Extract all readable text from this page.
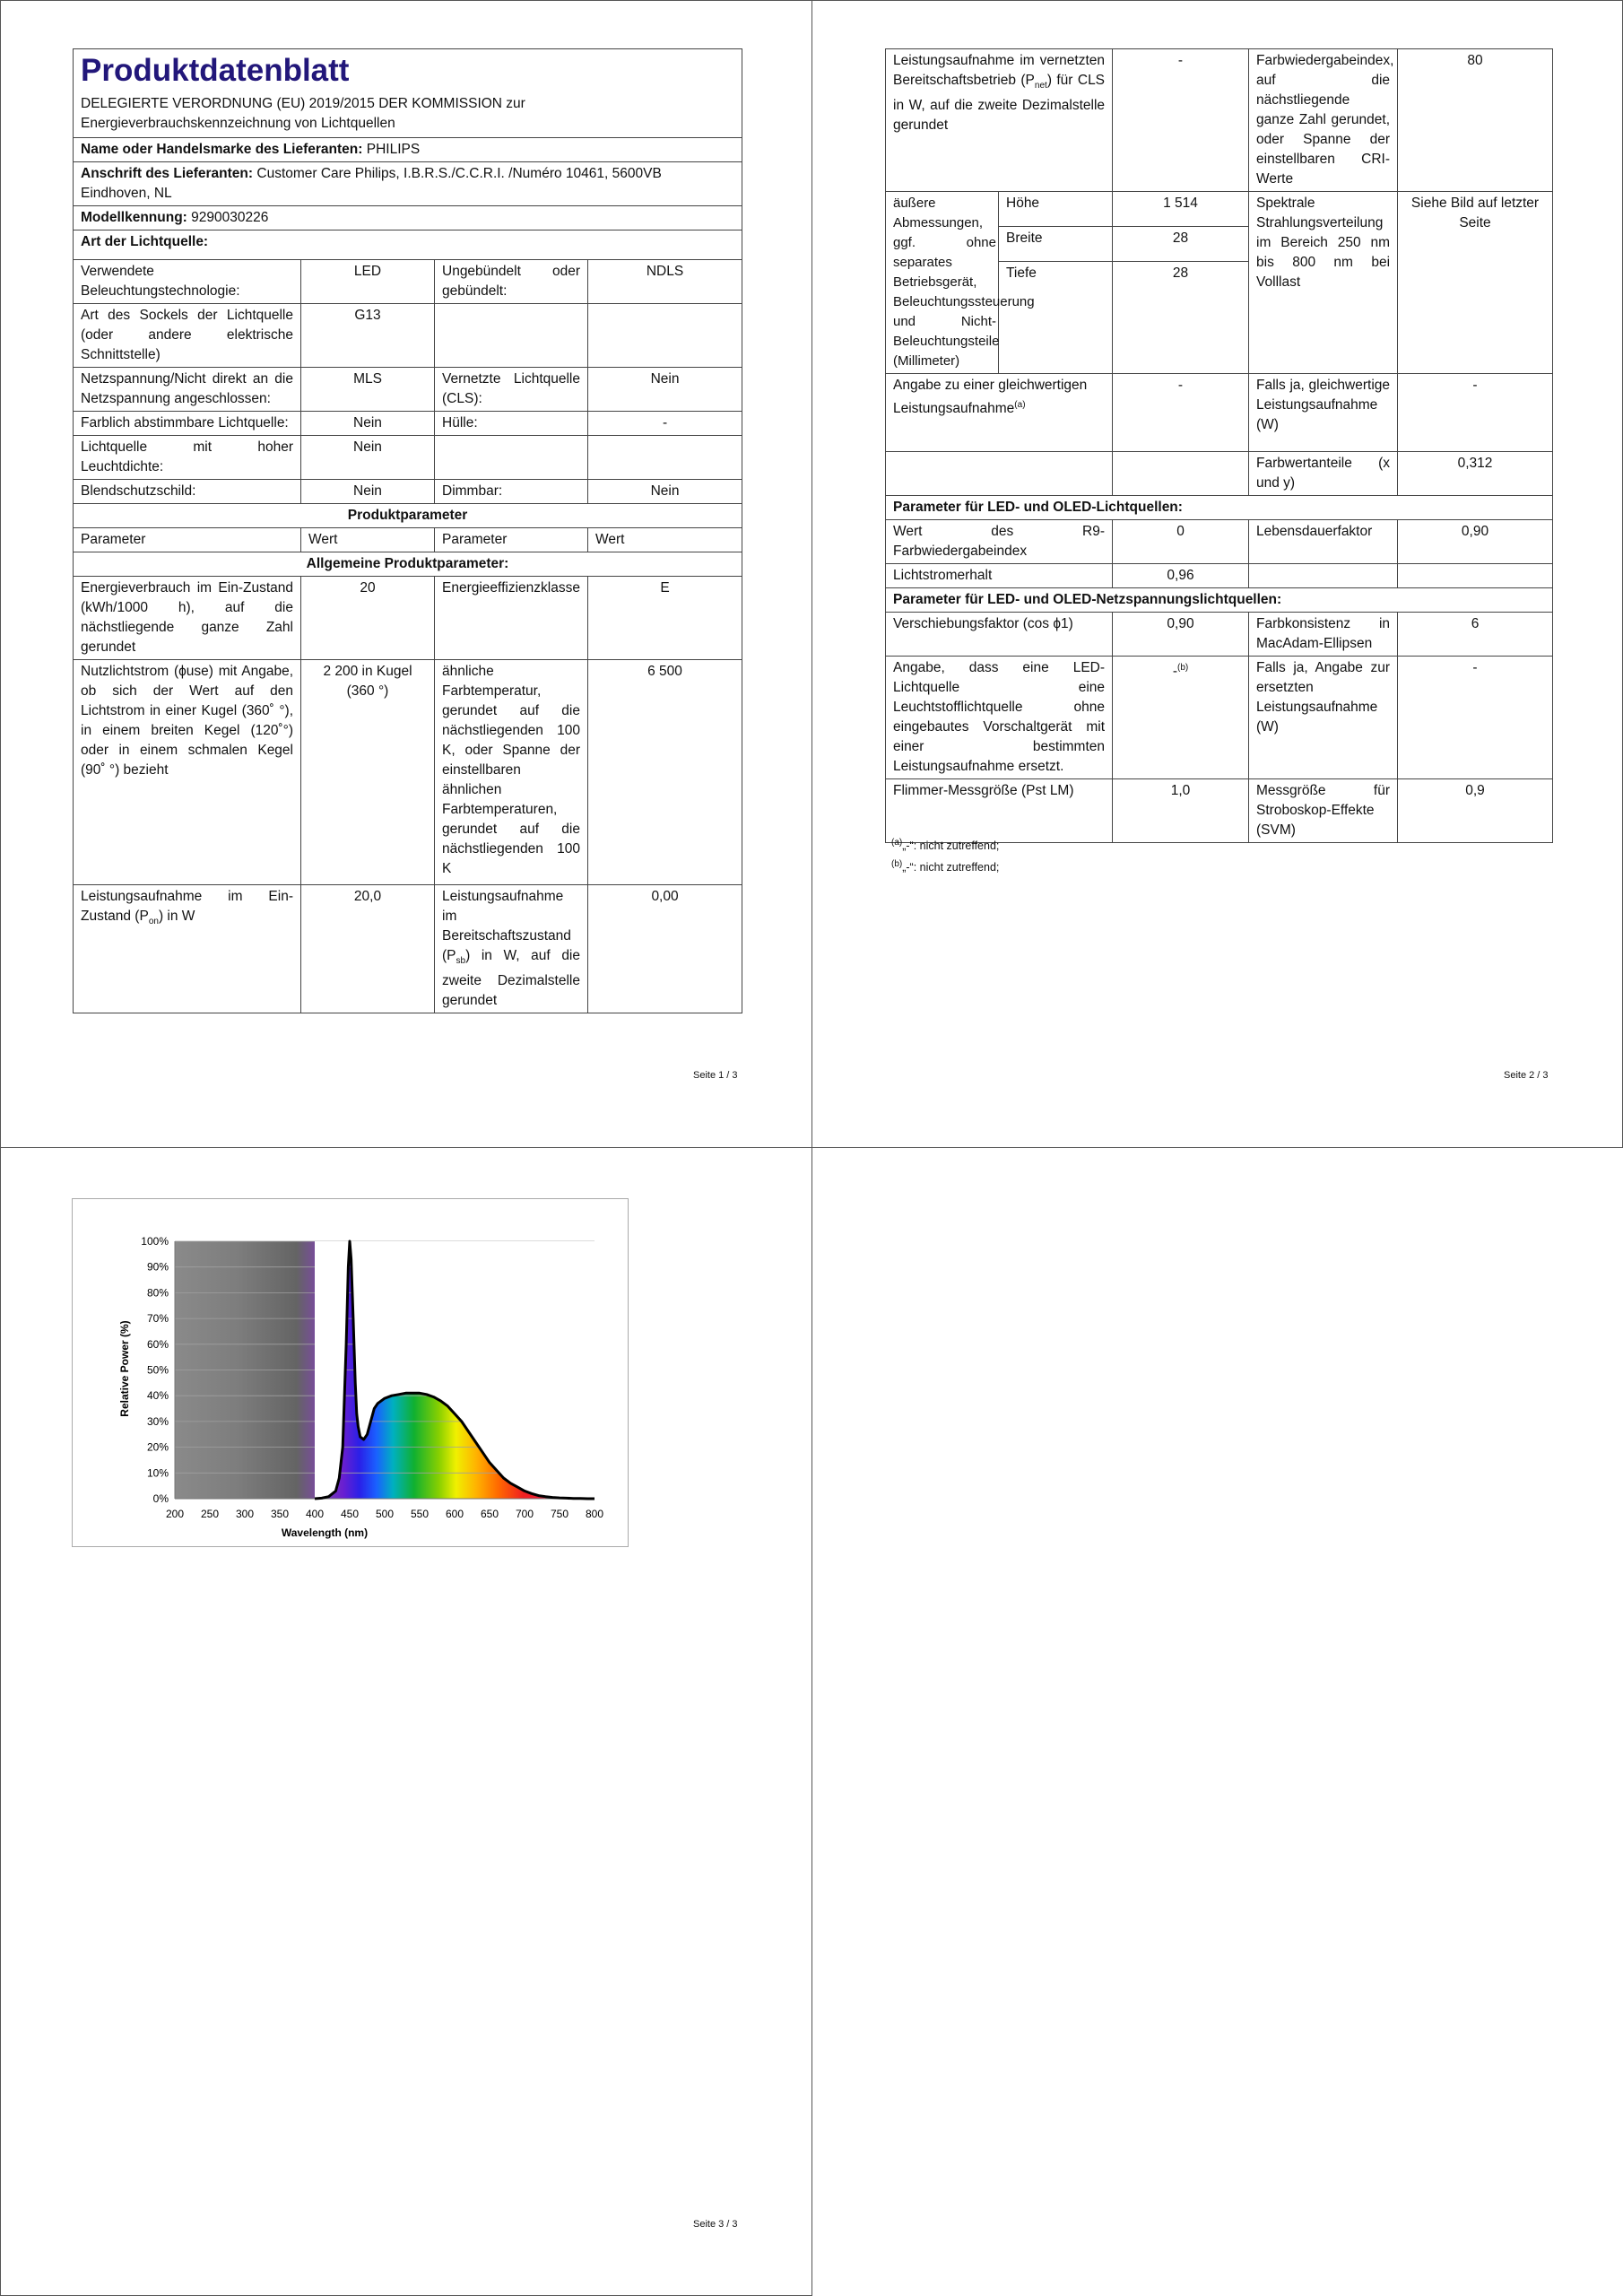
Produktdatenblatt
DELEGIERTE VERORDNUNG (EU) 2019/2015 DER KOMMISSION zur Energieverbrauchskennzeichnung von Lichtquellen			

Name oder Handelsmarke des Lieferanten: PHILIPS			
Anschrift des Lieferanten: Customer Care Philips, I.B.R.S./C.C.R.I. /Numéro 10461, 5600VB Eindhoven, NL			
Modellkennung: 9290030226			
Art der Lichtquelle:			
Verwendete Beleuchtungstechnologie:	LED	Ungebündelt oder gebündelt:	NDLS
Art des Sockels der Lichtquelle (oder andere elektrische Schnittstelle)	G13		
Netzspannung/Nicht direkt an die Netzspannung angeschlossen:	MLS	Vernetzte Lichtquelle (CLS):	Nein
Farblich abstimmbare Lichtquelle:	Nein	Hülle:	-
Lichtquelle mit hoher Leuchtdichte:	Nein		
Blendschutzschild:	Nein	Dimmbar:	Nein
Produktparameter			
Parameter	Wert	Parameter	Wert
Allgemeine Produktparameter:			
Energieverbrauch im Ein-Zustand (kWh/1000 h), auf die nächstliegende ganze Zahl gerundet	20	Energieeffizienzklasse	E
Nutzlichtstrom (ϕuse) mit Angabe, ob sich der Wert auf den Lichtstrom in einer Kugel (360˚ °), in einem breiten Kegel (120˚°) oder in einem schmalen Kegel (90˚ °) bezieht	2 200 in Kugel (360 °)	ähnliche Farbtemperatur, gerundet auf die nächstliegenden 100 K, oder Spanne der einstellbaren ähnlichen Farbtemperaturen, gerundet auf die nächstliegenden 100 K	6 500
Leistungsaufnahme im Ein-Zustand $(P_{on})$ in W	20,0	Leistungsaufnahme im Bereitschaftszustand $(P_{sb})$ in W, auf die zweite Dezimalstelle gerundet	0,00
Seite 1 / 3
Leistungsaufnahme im vernetzten Bereitschaftsbetrieb $(P_{net})$ für CLS in W, auf die zweite Dezimalstelle gerundet		-	Farbwiedergabeindex, auf die nächstliegende ganze Zahl gerundet, oder Spanne der einstellbaren CRI-Werte	80
äußere Abmessungen, ggf. ohne separates Betriebsgerät, Beleuchtungssteuerung und Nicht-Beleuchtungsteile (Millimeter)	Höhe	1 514	Spektrale Strahlungsverteilung im Bereich 250 nm bis 800 nm bei Volllast	Siehe Bild auf letzter Seite
	Breite	28		
	Tiefe	28		

Angabe zu einer gleichwertigen Leistungsaufnahme$^{(a)}$		-	Falls ja, gleichwertige Leistungsaufnahme (W)	-
			Farbwertanteile (x und y)	0,312
Parameter für LED- und OLED-Lichtquellen:				
Wert des R9-Farbwiedergabeindex		0	Lebensdauerfaktor	0,90
Lichtstromerhalt		0,96		
Parameter für LED- und OLED-Netzspannungslichtquellen:				
Verschiebungsfaktor (cos ϕ1)		0,90	Farbkonsistenz in MacAdam-Ellipsen	6
Angabe, dass eine LED-Lichtquelle eine Leuchtstofflichtquelle ohne eingebautes Vorschaltgerät mit einer bestimmten Leistungsaufnahme ersetzt.		-$^{(b)}$	Falls ja, Angabe zur ersetzten Leistungsaufnahme (W)	-
Flimmer-Messgröße (Pst LM)		1,0	Messgröße für Stroboskop-Effekte (SVM)	0,9
$^{(a)}$„-“: nicht zutreffend;
$^{(b)}$„-“: nicht zutreffend;
Seite 2 / 3
Seite 3 / 3
200 250 300 350 400 450 500 550 600 650 700 750 800
0%
10%
20%
30%
40%
50%
60%
70%
80%
90%
100%
Wavelength (nm)
Relative Power (%)
